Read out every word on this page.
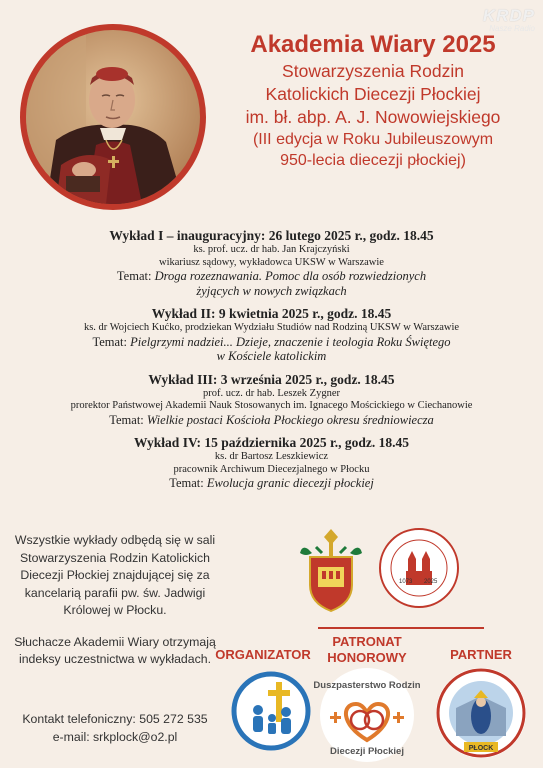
KRDP
Nasze Radio
Akademia Wiary 2025
Stowarzyszenia Rodzin
Katolickich Diecezji Płockiej
im. bł. abp. A. J. Nowowiejskiego
(III edycja w Roku Jubileuszowym
950-lecia diecezji płockiej)
Wykład I – inauguracyjny: 26 lutego 2025 r., godz. 18.45
ks. prof. ucz. dr hab. Jan Krajczyński
wikariusz sądowy, wykładowca UKSW w Warszawie
Temat: Droga rozeznawania. Pomoc dla osób rozwiedzionych
żyjących w nowych związkach
Wykład II: 9 kwietnia 2025 r., godz. 18.45
ks. dr Wojciech Kućko, prodziekan Wydziału Studiów nad Rodziną UKSW w Warszawie
Temat: Pielgrzymi nadziei... Dzieje, znaczenie i teologia Roku Świętego
w Kościele katolickim
Wykład III: 3 września 2025 r., godz. 18.45
prof. ucz. dr hab. Leszek Zygner
prorektor Państwowej Akademii Nauk Stosowanych im. Ignacego Mościckiego w Ciechanowie
Temat: Wielkie postaci Kościoła Płockiego okresu średniowiecza
Wykład IV: 15 października 2025 r., godz. 18.45
ks. dr Bartosz Leszkiewicz
pracownik Archiwum Diecezjalnego w Płocku
Temat: Ewolucja granic diecezji płockiej

Wszystkie wykłady odbędą się w sali Stowarzyszenia Rodzin Katolickich Diecezji Płockiej znajdującej się za kancelarią parafii pw. św. Jadwigi Królowej w Płocku.

Słuchacze Akademii Wiary otrzymają indeksy uczestnictwa w wykładach.

Kontakt telefoniczny: 505 272 535
e-mail: srkplock@o2.pl
1073 2025
ORGANIZATOR
PATRONAT
HONOROWY	PARTNER
Duszpasterstwo Rodzin
Diecezji Płockiej	PŁOCK
